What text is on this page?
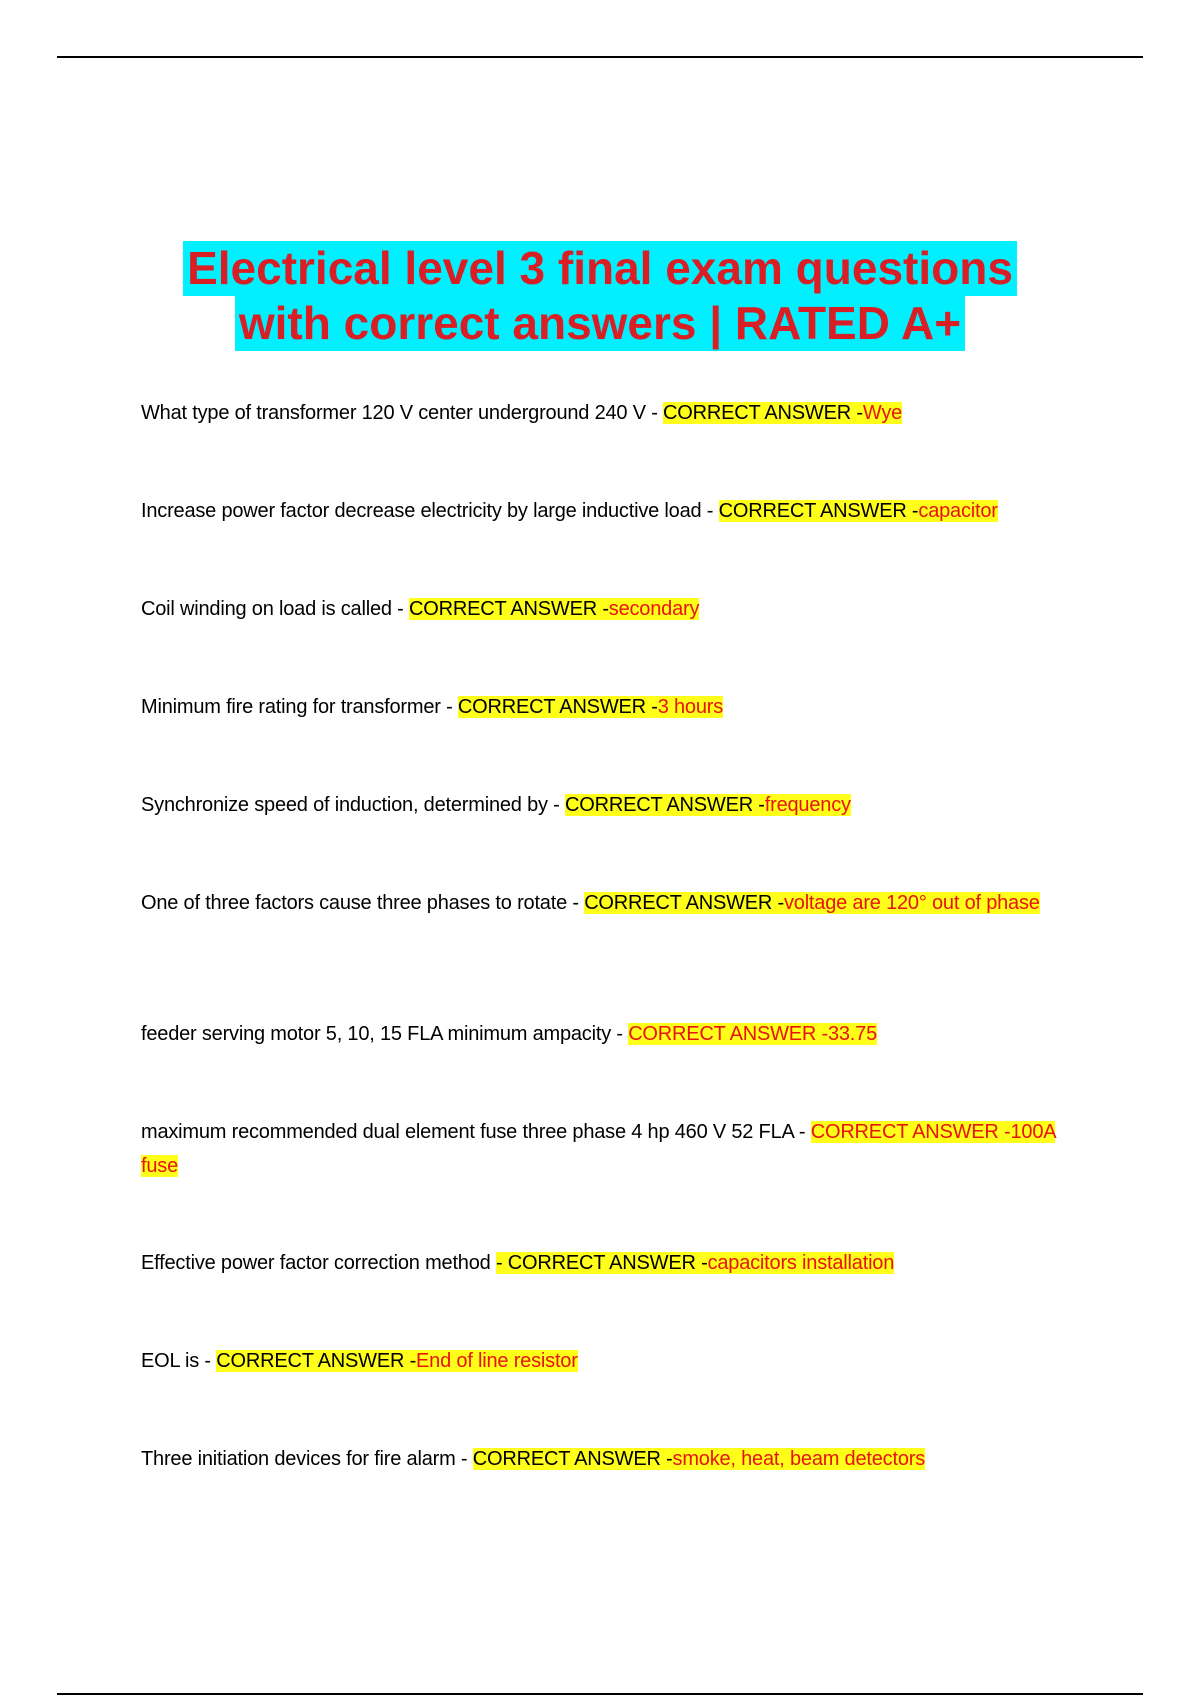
Electrical level 3 final exam questions
with correct answers | RATED A+

What type of transformer 120 V center underground 240 V - CORRECT ANSWER -Wye

Increase power factor decrease electricity by large inductive load - CORRECT ANSWER -capacitor

Coil winding on load is called - CORRECT ANSWER -secondary

Minimum fire rating for transformer - CORRECT ANSWER -3 hours

Synchronize speed of induction, determined by - CORRECT ANSWER -frequency

One of three factors cause three phases to rotate - CORRECT ANSWER -voltage are 120° out of phase

feeder serving motor 5, 10, 15 FLA minimum ampacity - CORRECT ANSWER -33.75

maximum recommended dual element fuse three phase 4 hp 460 V 52 FLA - CORRECT ANSWER -100A fuse

Effective power factor correction method - CORRECT ANSWER -capacitors installation

EOL is - CORRECT ANSWER -End of line resistor

Three initiation devices for fire alarm - CORRECT ANSWER -smoke, heat, beam detectors
